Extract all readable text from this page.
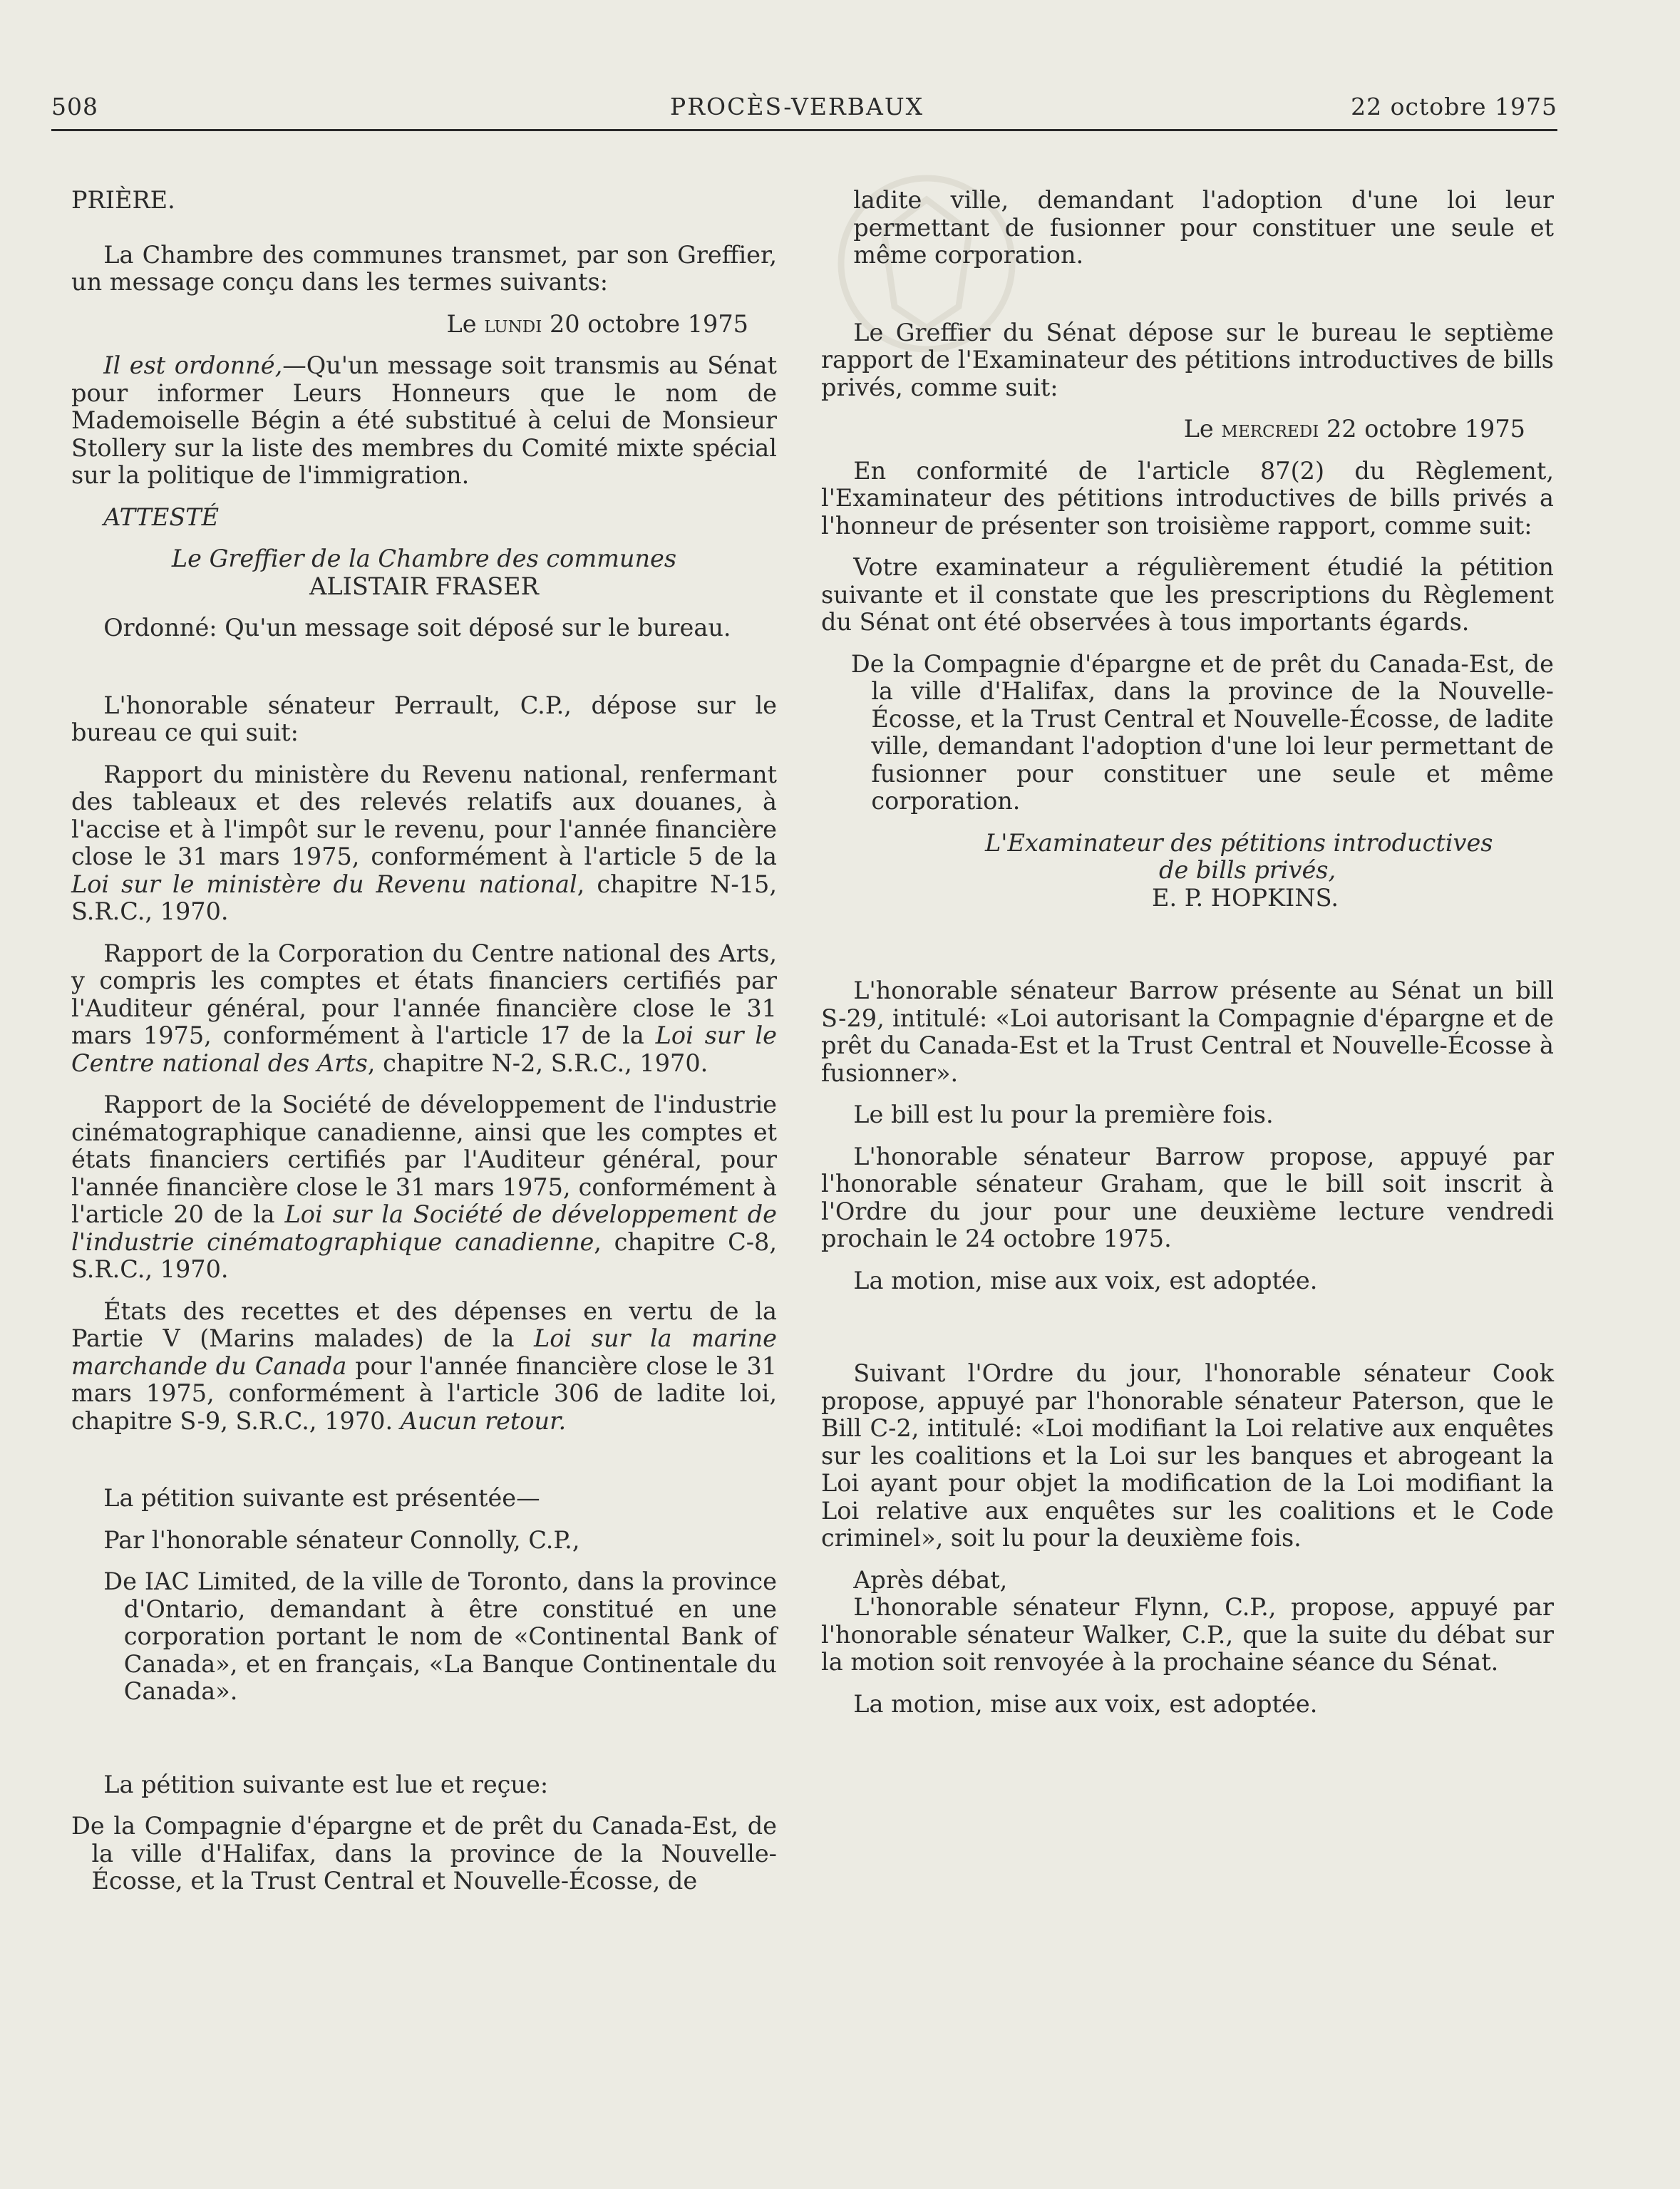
508	PROCÈS-VERBAUX	22 octobre 1975

PRIÈRE.

La Chambre des communes transmet, par son Greffier, un message conçu dans les termes suivants:

Le lundi 20 octobre 1975

Il est ordonné,—Qu'un message soit transmis au Sénat pour informer Leurs Honneurs que le nom de Mademoiselle Bégin a été substitué à celui de Monsieur Stollery sur la liste des membres du Comité mixte spécial sur la politique de l'immigration.

ATTESTÉ

Le Greffier de la Chambre des communes

ALISTAIR FRASER

Ordonné: Qu'un message soit déposé sur le bureau.

L'honorable sénateur Perrault, C.P., dépose sur le bureau ce qui suit:

Rapport du ministère du Revenu national, renfermant des tableaux et des relevés relatifs aux douanes, à l'accise et à l'impôt sur le revenu, pour l'année financière close le 31 mars 1975, conformément à l'article 5 de la Loi sur le ministère du Revenu national, chapitre N-15, S.R.C., 1970.

Rapport de la Corporation du Centre national des Arts, y compris les comptes et états financiers certifiés par l'Auditeur général, pour l'année financière close le 31 mars 1975, conformément à l'article 17 de la Loi sur le Centre national des Arts, chapitre N-2, S.R.C., 1970.

Rapport de la Société de développement de l'industrie cinématographique canadienne, ainsi que les comptes et états financiers certifiés par l'Auditeur général, pour l'année financière close le 31 mars 1975, conformément à l'article 20 de la Loi sur la Société de développement de l'industrie cinématographique canadienne, chapitre C-8, S.R.C., 1970.

États des recettes et des dépenses en vertu de la Partie V (Marins malades) de la Loi sur la marine marchande du Canada pour l'année financière close le 31 mars 1975, conformément à l'article 306 de ladite loi, chapitre S-9, S.R.C., 1970. Aucun retour.

La pétition suivante est présentée—

Par l'honorable sénateur Connolly, C.P.,

De IAC Limited, de la ville de Toronto, dans la province d'Ontario, demandant à être constitué en une corporation portant le nom de «Continental Bank of Canada», et en français, «La Banque Continentale du Canada».

La pétition suivante est lue et reçue:

De la Compagnie d'épargne et de prêt du Canada-Est, de la ville d'Halifax, dans la province de la Nouvelle-Écosse, et la Trust Central et Nouvelle-Écosse, de

ladite ville, demandant l'adoption d'une loi leur permettant de fusionner pour constituer une seule et même corporation.

Le Greffier du Sénat dépose sur le bureau le septième rapport de l'Examinateur des pétitions introductives de bills privés, comme suit:

Le mercredi 22 octobre 1975

En conformité de l'article 87(2) du Règlement, l'Examinateur des pétitions introductives de bills privés a l'honneur de présenter son troisième rapport, comme suit:

Votre examinateur a régulièrement étudié la pétition suivante et il constate que les prescriptions du Règlement du Sénat ont été observées à tous importants égards.

De la Compagnie d'épargne et de prêt du Canada-Est, de la ville d'Halifax, dans la province de la Nouvelle-Écosse, et la Trust Central et Nouvelle-Écosse, de ladite ville, demandant l'adoption d'une loi leur permettant de fusionner pour constituer une seule et même corporation.

L'Examinateur des pétitions introductives

de bills privés,

E. P. HOPKINS.

L'honorable sénateur Barrow présente au Sénat un bill S-29, intitulé: «Loi autorisant la Compagnie d'épargne et de prêt du Canada-Est et la Trust Central et Nouvelle-Écosse à fusionner».

Le bill est lu pour la première fois.

L'honorable sénateur Barrow propose, appuyé par l'honorable sénateur Graham, que le bill soit inscrit à l'Ordre du jour pour une deuxième lecture vendredi prochain le 24 octobre 1975.

La motion, mise aux voix, est adoptée.

Suivant l'Ordre du jour, l'honorable sénateur Cook propose, appuyé par l'honorable sénateur Paterson, que le Bill C-2, intitulé: «Loi modifiant la Loi relative aux enquêtes sur les coalitions et la Loi sur les banques et abrogeant la Loi ayant pour objet la modification de la Loi modifiant la Loi relative aux enquêtes sur les coalitions et le Code criminel», soit lu pour la deuxième fois.

Après débat,

L'honorable sénateur Flynn, C.P., propose, appuyé par l'honorable sénateur Walker, C.P., que la suite du débat sur la motion soit renvoyée à la prochaine séance du Sénat.

La motion, mise aux voix, est adoptée.
